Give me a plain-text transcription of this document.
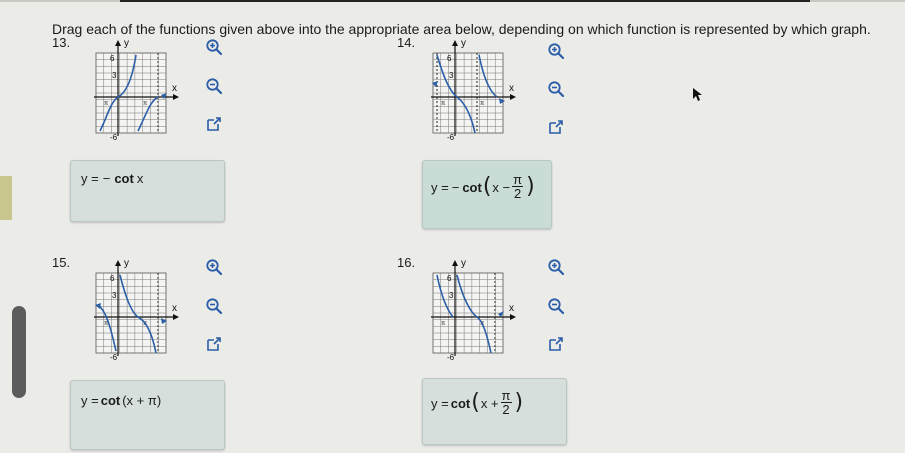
Drag each of the functions given above into the appropriate area below, depending on which function is represented by which graph.
13.	y
x
6
3
-6
π	π
14.	y
x
6
3
-6
π	π
y = − cot x
y = − cot ( $x - \frac{\pi}{2}$ )
15.	y
x
6
3
-6
π	π
16.	y
x
6
3
-6
π	π
y = cot (x + π)	y = cot ( $x + \frac{\pi}{2}$ )
